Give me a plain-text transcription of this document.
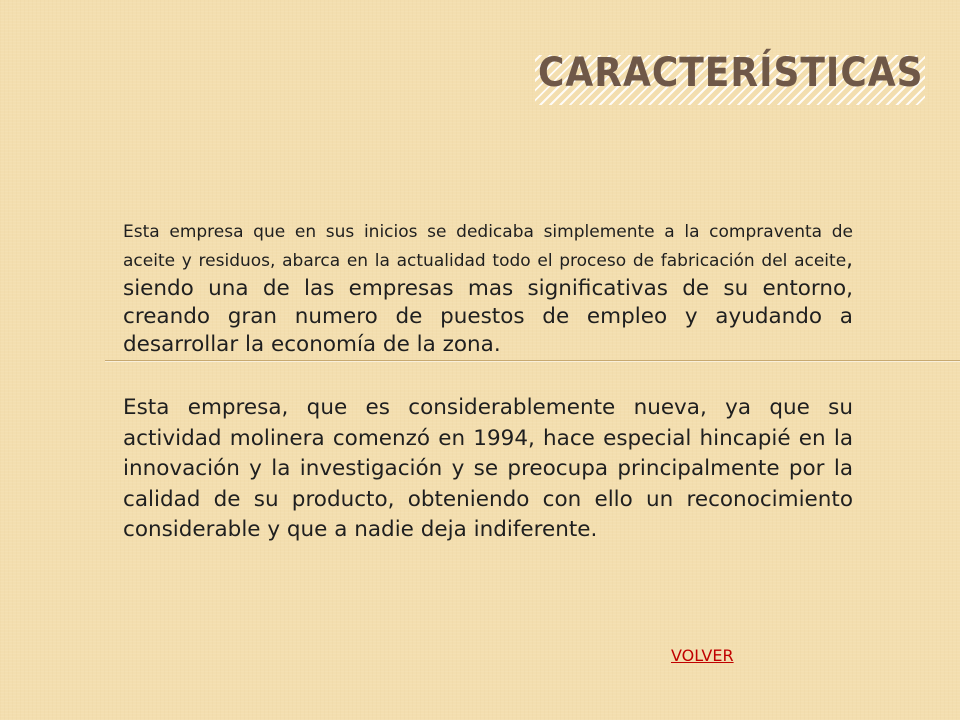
CARACTERÍSTICAS

Esta empresa que en sus inicios se dedicaba simplemente a la compraventa de aceite y residuos, abarca en la actualidad todo el proceso de fabricación del aceite, siendo una de las empresas mas significativas de su entorno, creando gran numero de puestos de empleo y ayudando a desarrollar la economía de la zona.

Esta empresa, que es considerablemente nueva, ya que su actividad molinera comenzó en 1994, hace especial hincapié en la innovación y la investigación y se preocupa principalmente por la calidad de su producto, obteniendo con ello un reconocimiento considerable y que a nadie deja indiferente.

VOLVER
